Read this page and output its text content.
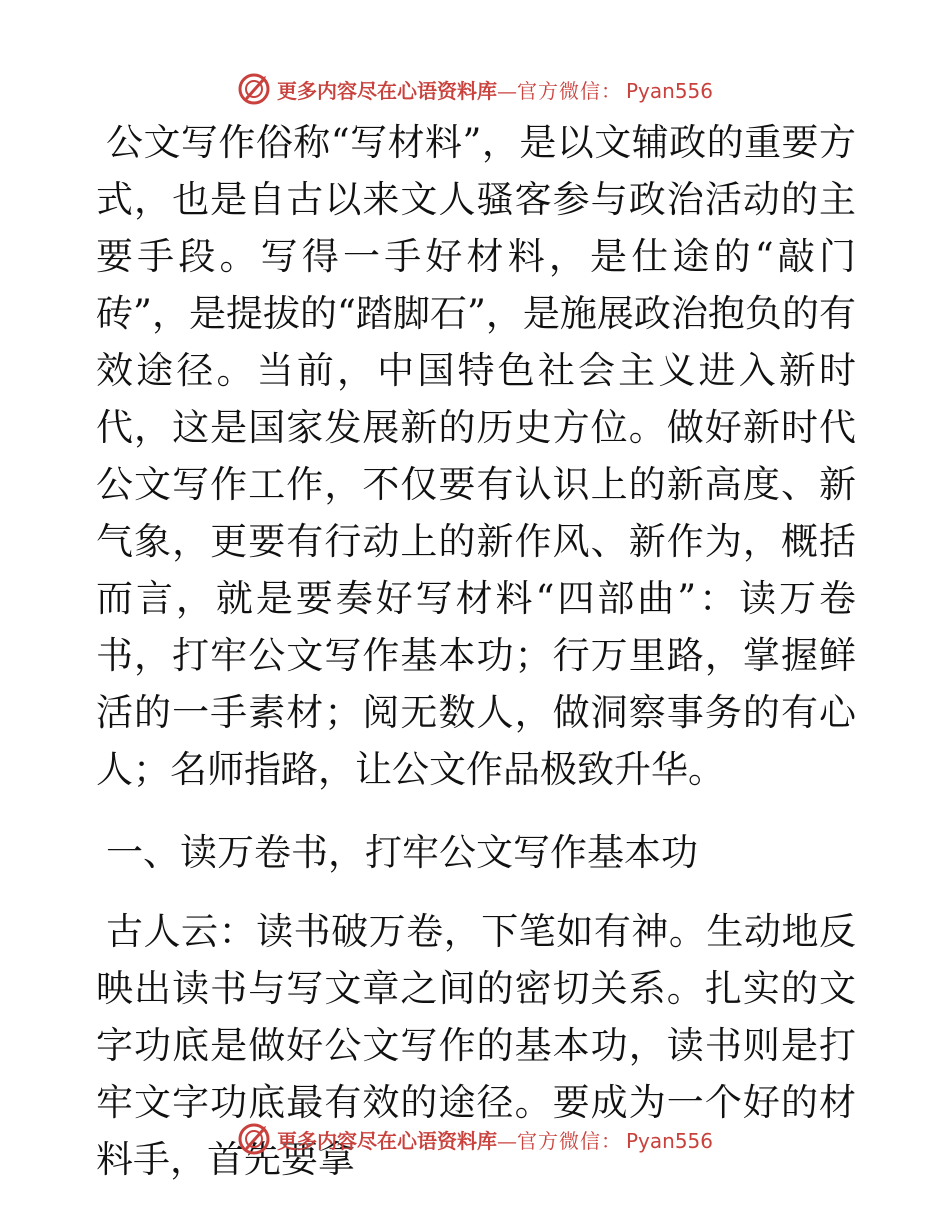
更多内容尽在心语资料库 — 官方微信： Pyan556

公文写作俗称“写材料”，是以文辅政的重要方式，也是自古以来文人骚客参与政治活动的主要手段。写得一手好材料，是仕途的“敲门砖”，是提拔的“踏脚石”，是施展政治抱负的有效途径。当前，中国特色社会主义进入新时代，这是国家发展新的历史方位。做好新时代公文写作工作，不仅要有认识上的新高度、新气象，更要有行动上的新作风、新作为，概括而言，就是要奏好写材料“四部曲”：读万卷书，打牢公文写作基本功；行万里路，掌握鲜活的一手素材；阅无数人，做洞察事务的有心人；名师指路，让公文作品极致升华。

一、读万卷书，打牢公文写作基本功

古人云：读书破万卷，下笔如有神。生动地反映出读书与写文章之间的密切关系。扎实的文字功底是做好公文写作的基本功，读书则是打牢文字功底最有效的途径。要成为一个好的材料手，首先要拿

更多内容尽在心语资料库 — 官方微信： Pyan556
